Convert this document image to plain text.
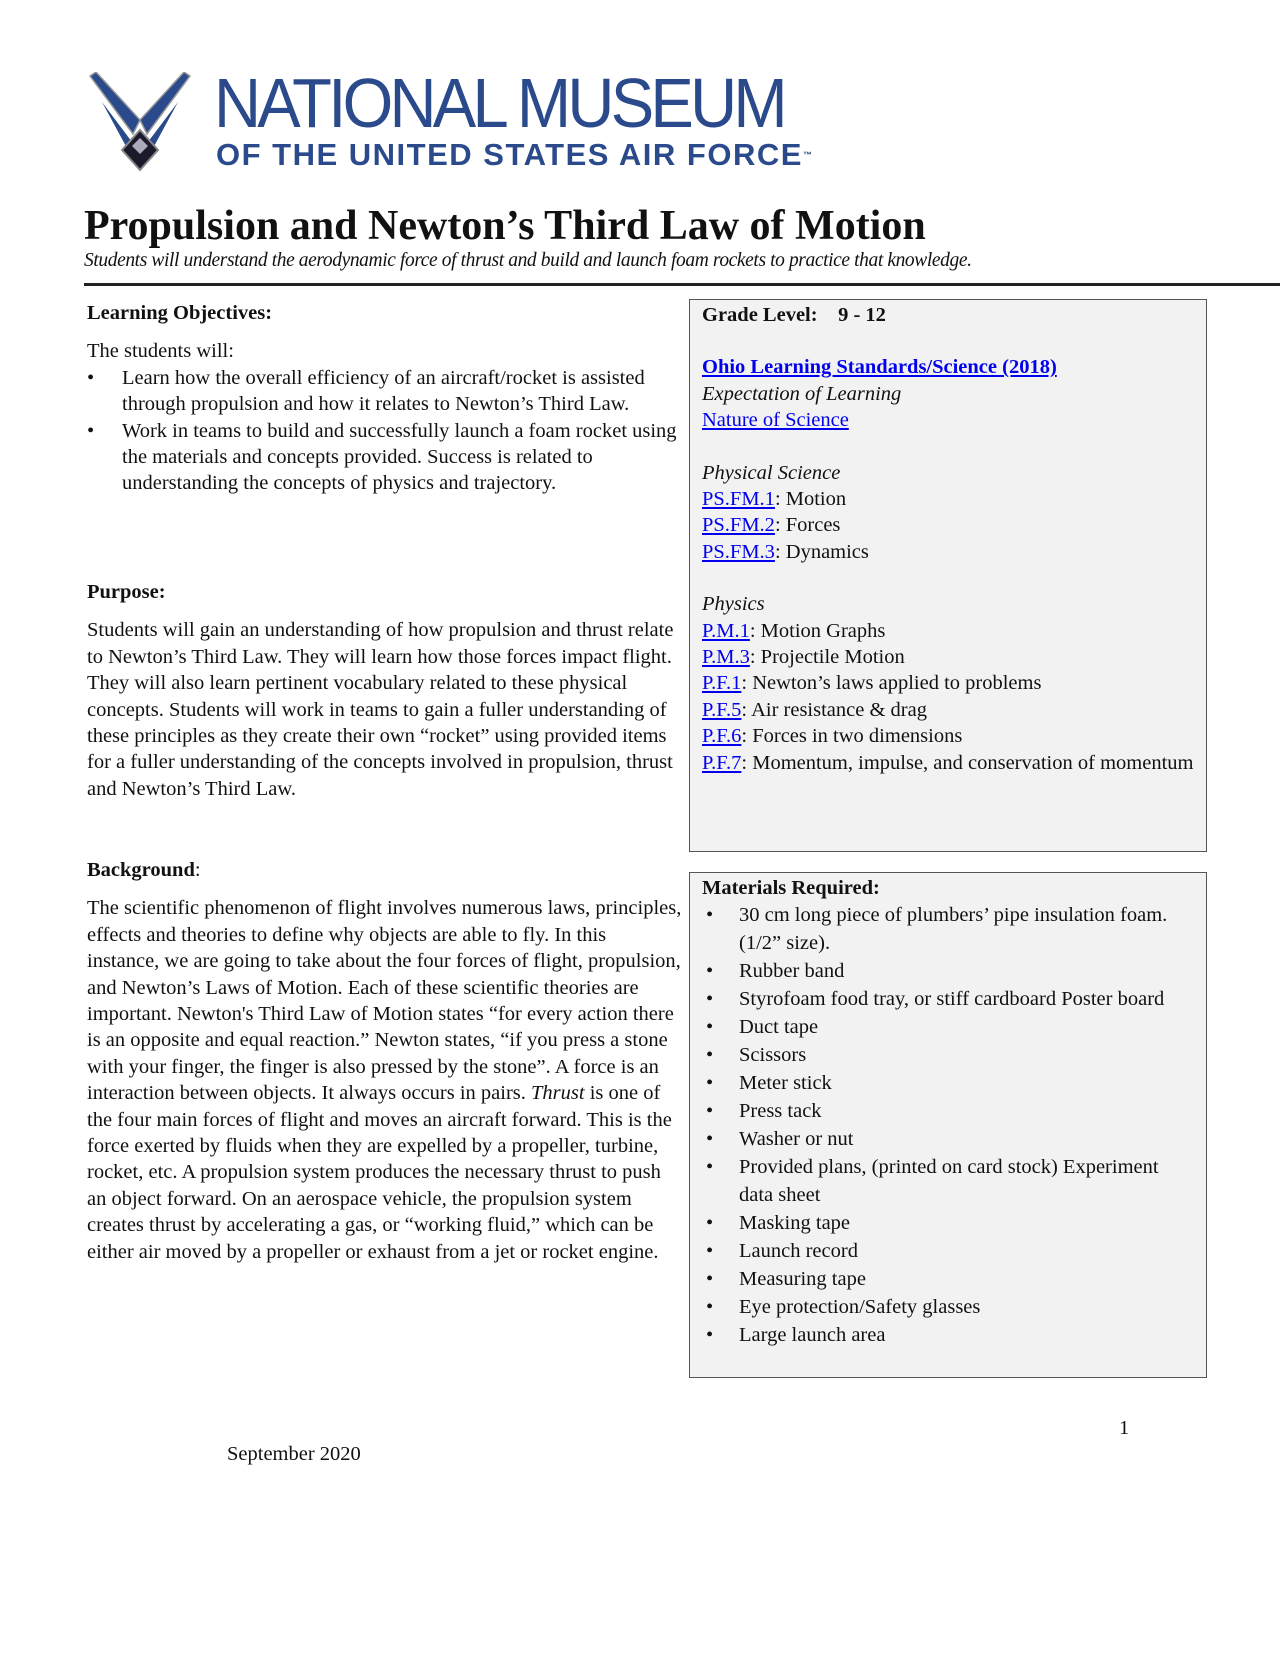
NATIONAL MUSEUM
OF THE UNITED STATES AIR FORCE™
Propulsion and Newton’s Third Law of Motion
Students will understand the aerodynamic force of thrust and build and launch foam rockets to practice that knowledge.
Learning Objectives:

The students will:

• Learn how the overall efficiency of an aircraft/rocket is assisted through propulsion and how it relates to Newton’s Third Law.
• Work in teams to build and successfully launch a foam rocket using the materials and concepts provided. Success is related to understanding the concepts of physics and trajectory.
Purpose:

Students will gain an understanding of how propulsion and thrust relate to Newton’s Third Law. They will learn how those forces impact flight. They will also learn pertinent vocabulary related to these physical concepts. Students will work in teams to gain a fuller understanding of these principles as they create their own “rocket” using provided items for a fuller understanding of the concepts involved in propulsion, thrust and Newton’s Third Law.

Background:

The scientific phenomenon of flight involves numerous laws, principles, effects and theories to define why objects are able to fly. In this instance, we are going to take about the four forces of flight, propulsion, and Newton’s Laws of Motion. Each of these scientific theories are important. Newton's Third Law of Motion states “for every action there is an opposite and equal reaction.” Newton states, “if you press a stone with your finger, the finger is also pressed by the stone”. A force is an interaction between objects. It always occurs in pairs. Thrust is one of the four main forces of flight and moves an aircraft forward. This is the force exerted by fluids when they are expelled by a propeller, turbine, rocket, etc. A propulsion system produces the necessary thrust to push an object forward. On an aerospace vehicle, the propulsion system creates thrust by accelerating a gas, or “working fluid,” which can be either air moved by a propeller or exhaust from a jet or rocket engine.

Grade Level: 9 - 12
Ohio Learning Standards/Science (2018)
Expectation of Learning
Nature of Science
Physical Science
PS.FM.1: Motion
PS.FM.2: Forces
PS.FM.3: Dynamics
Physics
P.M.1: Motion Graphs
P.M.3: Projectile Motion
P.F.1: Newton’s laws applied to problems
P.F.5: Air resistance & drag
P.F.6: Forces in two dimensions
P.F.7: Momentum, impulse, and conservation of momentum
Materials Required:
• 30 cm long piece of plumbers’ pipe insulation foam. (1/2” size).
• Rubber band
• Styrofoam food tray, or stiff cardboard Poster board
• Duct tape
• Scissors
• Meter stick
• Press tack
• Washer or nut
• Provided plans, (printed on card stock) Experiment data sheet
• Masking tape
• Launch record
• Measuring tape
• Eye protection/Safety glasses
• Large launch area
1
September 2020
